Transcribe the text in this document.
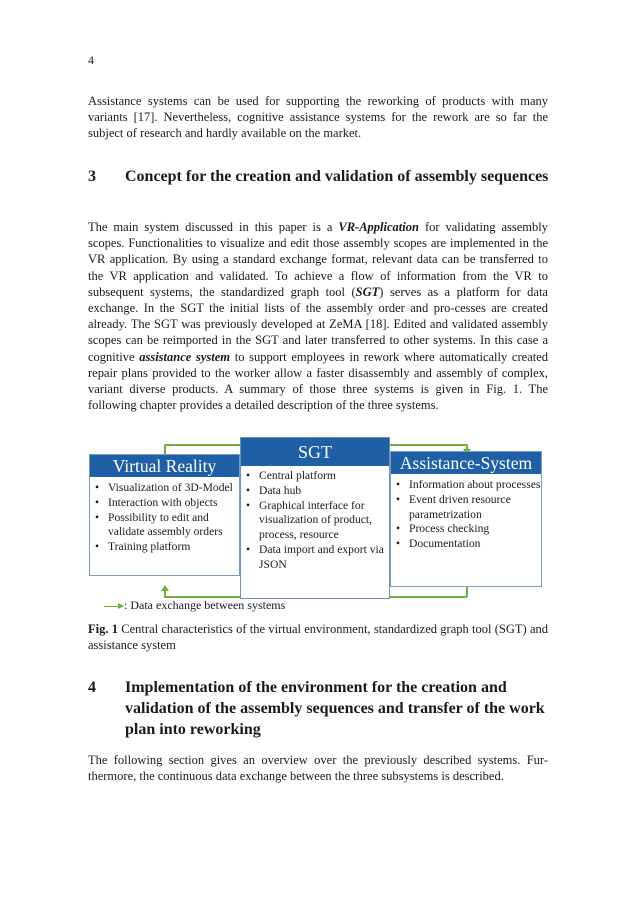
4

Assistance systems can be used for supporting the reworking of products with many variants [17]. Nevertheless, cognitive assistance systems for the rework are so far the subject of research and hardly available on the market.

3 Concept for the creation and validation of assembly sequences

The main system discussed in this paper is a VR-Application for validating assembly scopes. Functionalities to visualize and edit those assembly scopes are implemented in the VR application. By using a standard exchange format, relevant data can be transferred to the VR application and validated. To achieve a flow of information from the VR to subsequent systems, the standardized graph tool (SGT) serves as a platform for data exchange. In the SGT the initial lists of the assembly order and pro-cesses are created already. The SGT was previously developed at ZeMA [18]. Edited and validated assembly scopes can be reimported in the SGT and later transferred to other systems. In this case a cognitive assistance system to support employees in rework where automatically created repair plans provided to the worker allow a faster disassembly and assembly of complex, variant diverse products. A summary of those three systems is given in Fig. 1. The following chapter provides a detailed description of the three systems.

Virtual Reality
• Visualization of 3D-Model
• Interaction with objects
• Possibility to edit and validate assembly orders
• Training platform
SGT
• Central platform
• Data hub
• Graphical interface for visualization of product, process, resource
• Data import and export via JSON
Assistance-System
• Information about processes
• Event driven resource parametrization
• Process checking
• Documentation
: Data exchange between systems

Fig. 1 Central characteristics of the virtual environment, standardized graph tool (SGT) and assistance system

4 Implementation of the environment for the creation and validation of the assembly sequences and transfer of the work plan into reworking

The following section gives an overview over the previously described systems. Fur-thermore, the continuous data exchange between the three subsystems is described.
